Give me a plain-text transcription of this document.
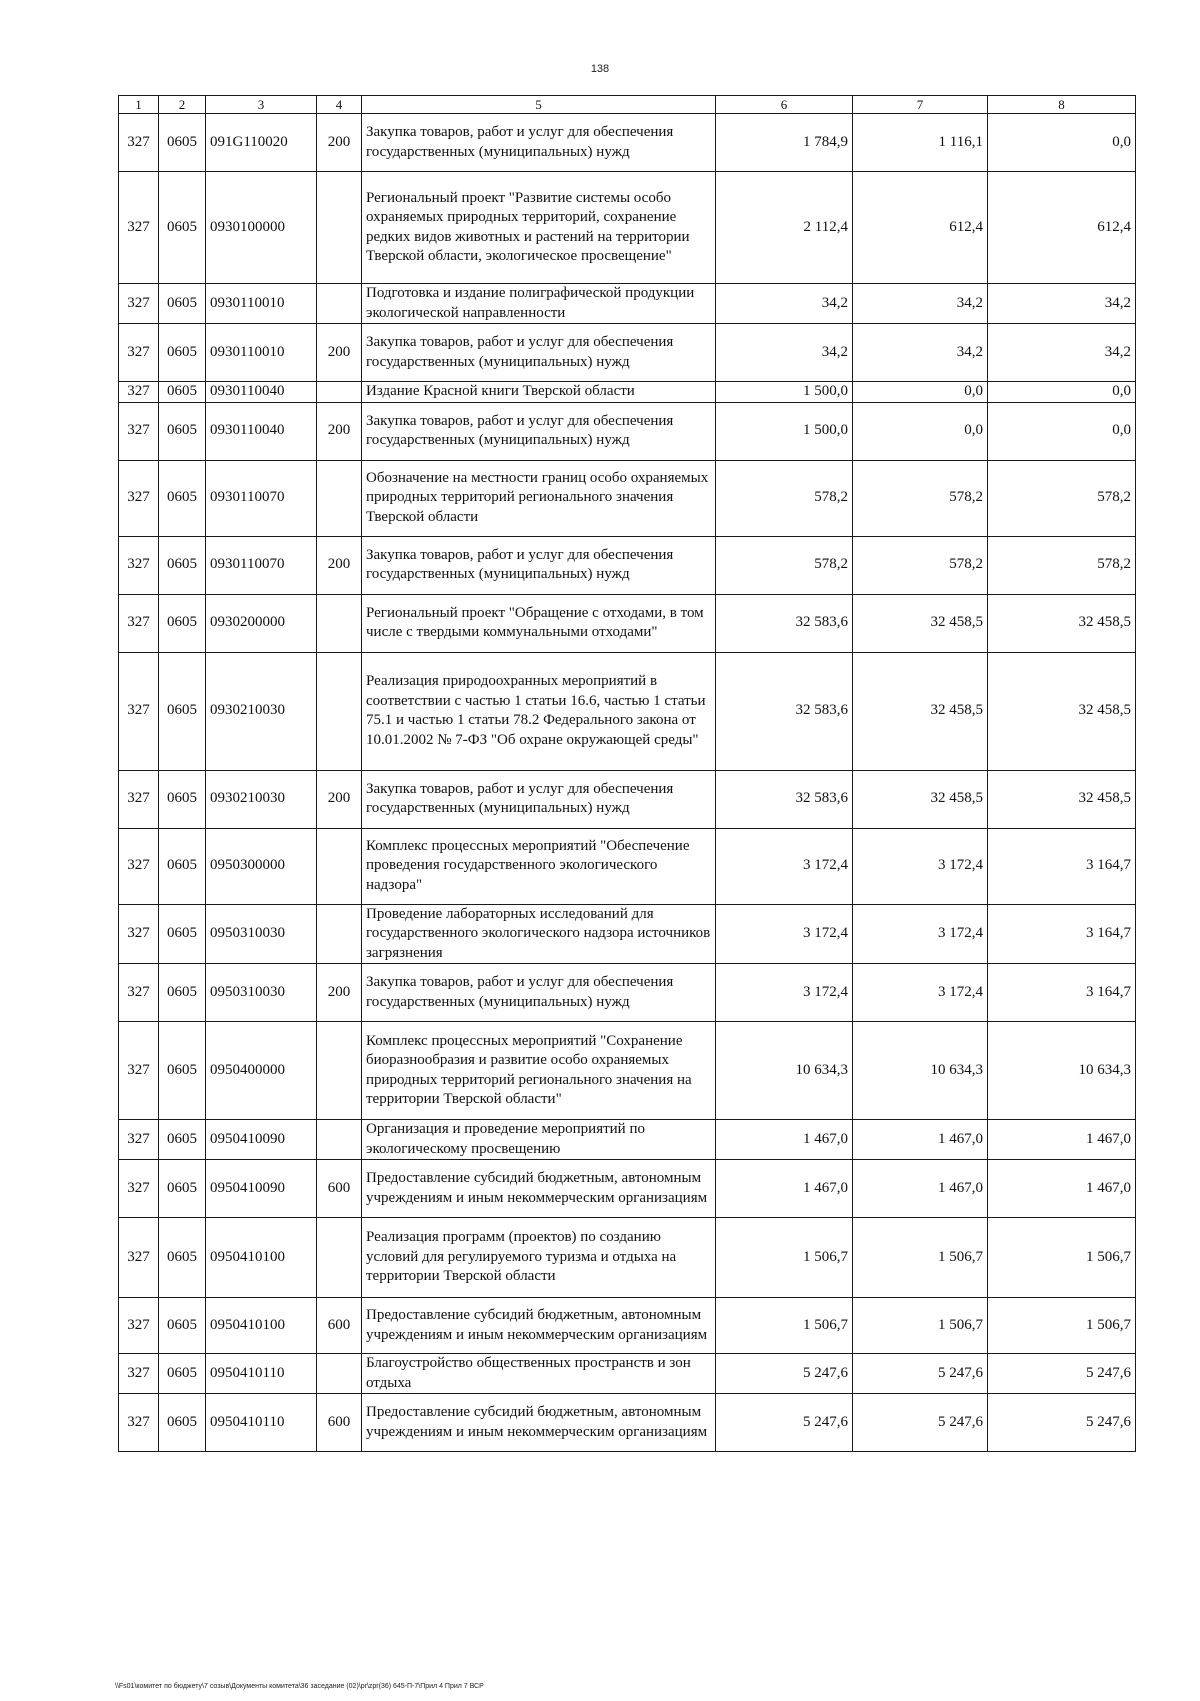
138
1	2	3	4	5	6	7	8
327	0605	091G110020	200	Закупка товаров, работ и услуг для обеспечения государственных (муниципальных) нужд	1 784,9	1 116,1	0,0
327	0605	0930100000		Региональный проект "Развитие системы особо охраняемых природных территорий, сохранение редких видов животных и растений на территории Тверской области, экологическое просвещение"	2 112,4	612,4	612,4
327	0605	0930110010		Подготовка и издание полиграфической продукции экологической направленности	34,2	34,2	34,2
327	0605	0930110010	200	Закупка товаров, работ и услуг для обеспечения государственных (муниципальных) нужд	34,2	34,2	34,2
327	0605	0930110040		Издание Красной книги Тверской области	1 500,0	0,0	0,0
327	0605	0930110040	200	Закупка товаров, работ и услуг для обеспечения государственных (муниципальных) нужд	1 500,0	0,0	0,0
327	0605	0930110070		Обозначение на местности границ особо охраняемых природных территорий регионального значения Тверской области	578,2	578,2	578,2
327	0605	0930110070	200	Закупка товаров, работ и услуг для обеспечения государственных (муниципальных) нужд	578,2	578,2	578,2
327	0605	0930200000		Региональный проект "Обращение с отходами, в том числе с твердыми коммунальными отходами"	32 583,6	32 458,5	32 458,5
327	0605	0930210030		Реализация природоохранных мероприятий в соответствии с частью 1 статьи 16.6, частью 1 статьи 75.1 и частью 1 статьи 78.2 Федерального закона от 10.01.2002 № 7-ФЗ "Об охране окружающей среды"	32 583,6	32 458,5	32 458,5
327	0605	0930210030	200	Закупка товаров, работ и услуг для обеспечения государственных (муниципальных) нужд	32 583,6	32 458,5	32 458,5
327	0605	0950300000		Комплекс процессных мероприятий "Обеспечение проведения государственного экологического надзора"	3 172,4	3 172,4	3 164,7
327	0605	0950310030		Проведение лабораторных исследований для государственного экологического надзора источников загрязнения	3 172,4	3 172,4	3 164,7
327	0605	0950310030	200	Закупка товаров, работ и услуг для обеспечения государственных (муниципальных) нужд	3 172,4	3 172,4	3 164,7
327	0605	0950400000		Комплекс процессных мероприятий "Сохранение биоразнообразия и развитие особо охраняемых природных территорий регионального значения на территории Тверской области"	10 634,3	10 634,3	10 634,3
327	0605	0950410090		Организация и проведение мероприятий по экологическому просвещению	1 467,0	1 467,0	1 467,0
327	0605	0950410090	600	Предоставление субсидий бюджетным, автономным учреждениям и иным некоммерческим организациям	1 467,0	1 467,0	1 467,0
327	0605	0950410100		Реализация программ (проектов) по созданию условий для регулируемого туризма и отдыха на территории Тверской области	1 506,7	1 506,7	1 506,7
327	0605	0950410100	600	Предоставление субсидий бюджетным, автономным учреждениям и иным некоммерческим организациям	1 506,7	1 506,7	1 506,7
327	0605	0950410110		Благоустройство общественных пространств и зон отдыха	5 247,6	5 247,6	5 247,6
327	0605	0950410110	600	Предоставление субсидий бюджетным, автономным учреждениям и иным некоммерческим организациям	5 247,6	5 247,6	5 247,6
\\Fs01\комитет по бюджету\7 созыв\Документы комитета\36 заседание (02)\pr\zpr(36) 645-П-7\Прил 4 Прил 7 ВСР
